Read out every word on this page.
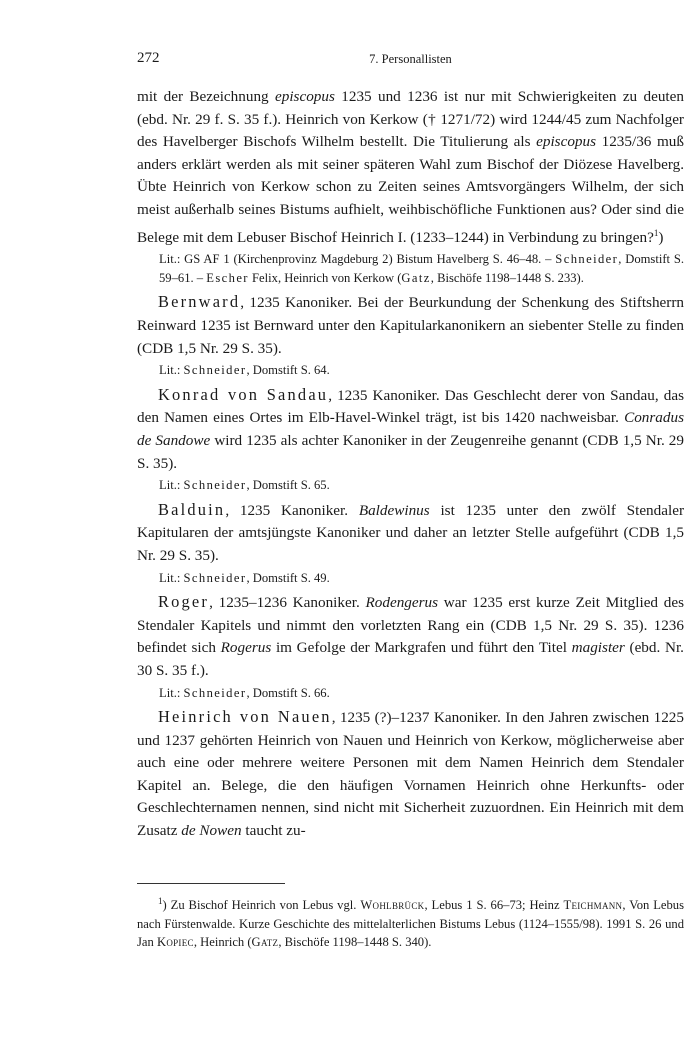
272	7. Personallisten

mit der Bezeichnung episcopus 1235 und 1236 ist nur mit Schwierigkeiten zu deuten (ebd. Nr. 29 f. S. 35 f.). Heinrich von Kerkow († 1271/72) wird 1244/45 zum Nachfolger des Havelberger Bischofs Wilhelm bestellt. Die Titulierung als episcopus 1235/36 muß anders erklärt werden als mit seiner späteren Wahl zum Bischof der Diözese Havelberg. Übte Heinrich von Kerkow schon zu Zeiten seines Amtsvorgängers Wilhelm, der sich meist außerhalb seines Bistums aufhielt, weihbischöfliche Funktionen aus? Oder sind die Belege mit dem Lebuser Bischof Heinrich I. (1233–1244) in Verbindung zu bringen?$^1$)

Lit.: GS AF 1 (Kirchenprovinz Magdeburg 2) Bistum Havelberg S. 46–48. – Schneider, Domstift S. 59–61. – Escher Felix, Heinrich von Kerkow (Gatz, Bischöfe 1198–1448 S. 233).

Bernward, 1235 Kanoniker. Bei der Beurkundung der Schenkung des Stiftsherrn Reinward 1235 ist Bernward unter den Kapitularkanonikern an siebenter Stelle zu finden (CDB 1,5 Nr. 29 S. 35).

Lit.: Schneider, Domstift S. 64.

Konrad von Sandau, 1235 Kanoniker. Das Geschlecht derer von Sandau, das den Namen eines Ortes im Elb-Havel-Winkel trägt, ist bis 1420 nachweisbar. Conradus de Sandowe wird 1235 als achter Kanoniker in der Zeugenreihe genannt (CDB 1,5 Nr. 29 S. 35).

Lit.: Schneider, Domstift S. 65.

Balduin, 1235 Kanoniker. Baldewinus ist 1235 unter den zwölf Stendaler Kapitularen der amtsjüngste Kanoniker und daher an letzter Stelle aufgeführt (CDB 1,5 Nr. 29 S. 35).

Lit.: Schneider, Domstift S. 49.

Roger, 1235–1236 Kanoniker. Rodengerus war 1235 erst kurze Zeit Mitglied des Stendaler Kapitels und nimmt den vorletzten Rang ein (CDB 1,5 Nr. 29 S. 35). 1236 befindet sich Rogerus im Gefolge der Markgrafen und führt den Titel magister (ebd. Nr. 30 S. 35 f.).

Lit.: Schneider, Domstift S. 66.

Heinrich von Nauen, 1235 (?)–1237 Kanoniker. In den Jahren zwischen 1225 und 1237 gehörten Heinrich von Nauen und Heinrich von Kerkow, möglicherweise aber auch eine oder mehrere weitere Personen mit dem Namen Heinrich dem Stendaler Kapitel an. Belege, die den häufigen Vornamen Heinrich ohne Herkunfts- oder Geschlechternamen nennen, sind nicht mit Sicherheit zuzuordnen. Ein Heinrich mit dem Zusatz de Nowen taucht zu-

$^1$) Zu Bischof Heinrich von Lebus vgl. Wohlbrück, Lebus 1 S. 66–73; Heinz Teichmann, Von Lebus nach Fürstenwalde. Kurze Geschichte des mittelalterlichen Bistums Lebus (1124–1555/98). 1991 S. 26 und Jan Kopiec, Heinrich (Gatz, Bischöfe 1198–1448 S. 340).
